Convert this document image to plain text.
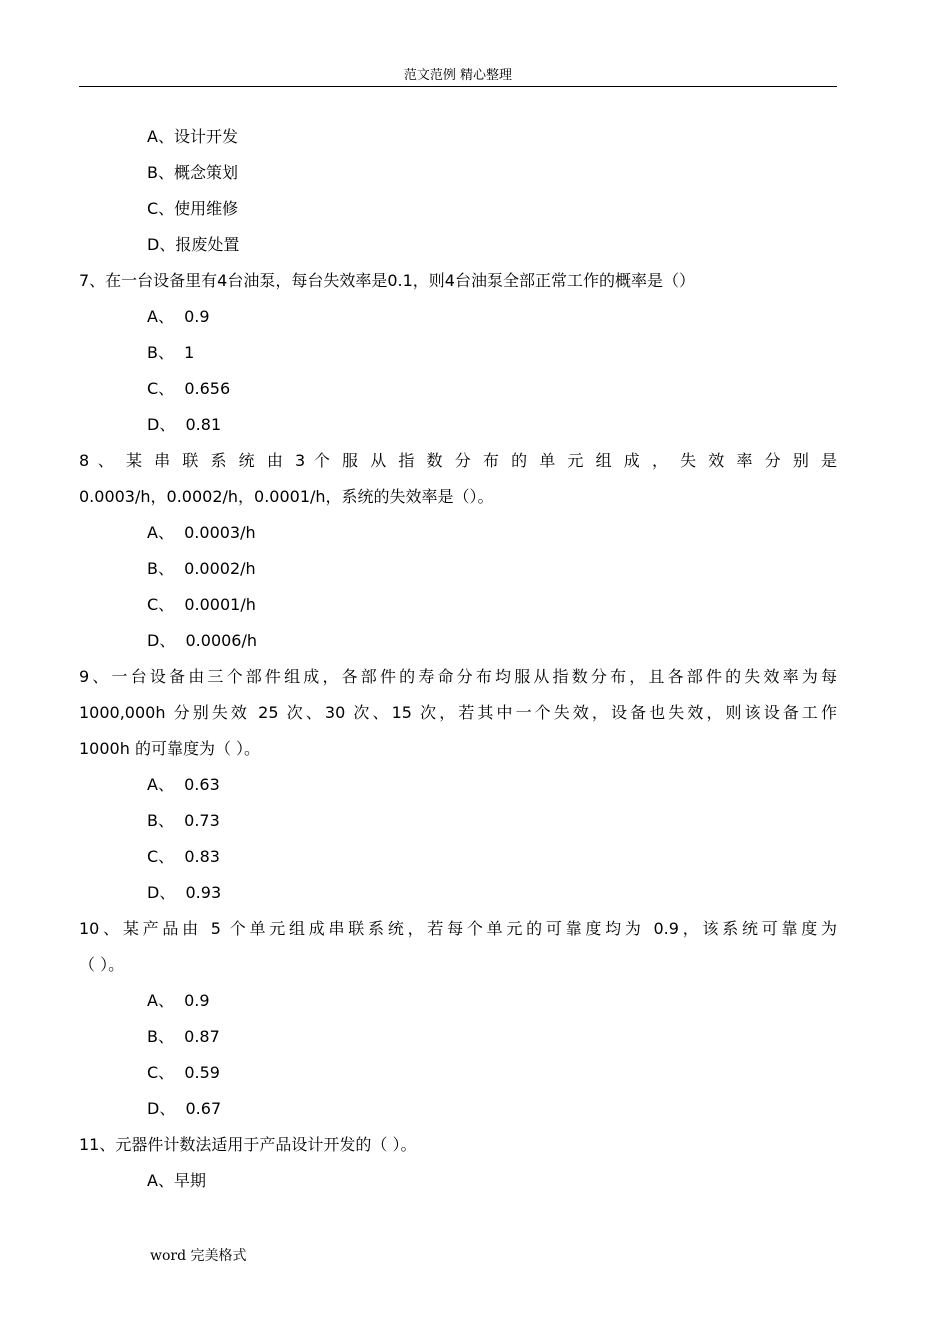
范文范例 精心整理
A、设计开发
B、概念策划
C、使用维修
D、报废处置
7、在一台设备里有4台油泵，每台失效率是0.1，则4台油泵全部正常工作的概率是（）
A、  0.9
B、  1
C、  0.656
D、  0.81
8 、 某 串 联 系 统 由 3 个 服 从 指 数 分 布 的 单 元 组 成 ， 失 效 率 分 别 是
0.0003/h，0.0002/h，0.0001/h，系统的失效率是（）。
A、  0.0003/h
B、  0.0002/h
C、  0.0001/h
D、  0.0006/h
9、一台设备由三个部件组成，各部件的寿命分布均服从指数分布，且各部件的失效率为每
1000,000h 分别失效 25 次、30 次、15 次，若其中一个失效，设备也失效，则该设备工作
1000h 的可靠度为（ ）。
A、  0.63
B、  0.73
C、  0.83
D、  0.93
10、某产品由 5 个单元组成串联系统，若每个单元的可靠度均为 0.9，该系统可靠度为
（ ）。
A、  0.9
B、  0.87
C、  0.59
D、  0.67
11、元器件计数法适用于产品设计开发的（ ）。
A、早期
word 完美格式
